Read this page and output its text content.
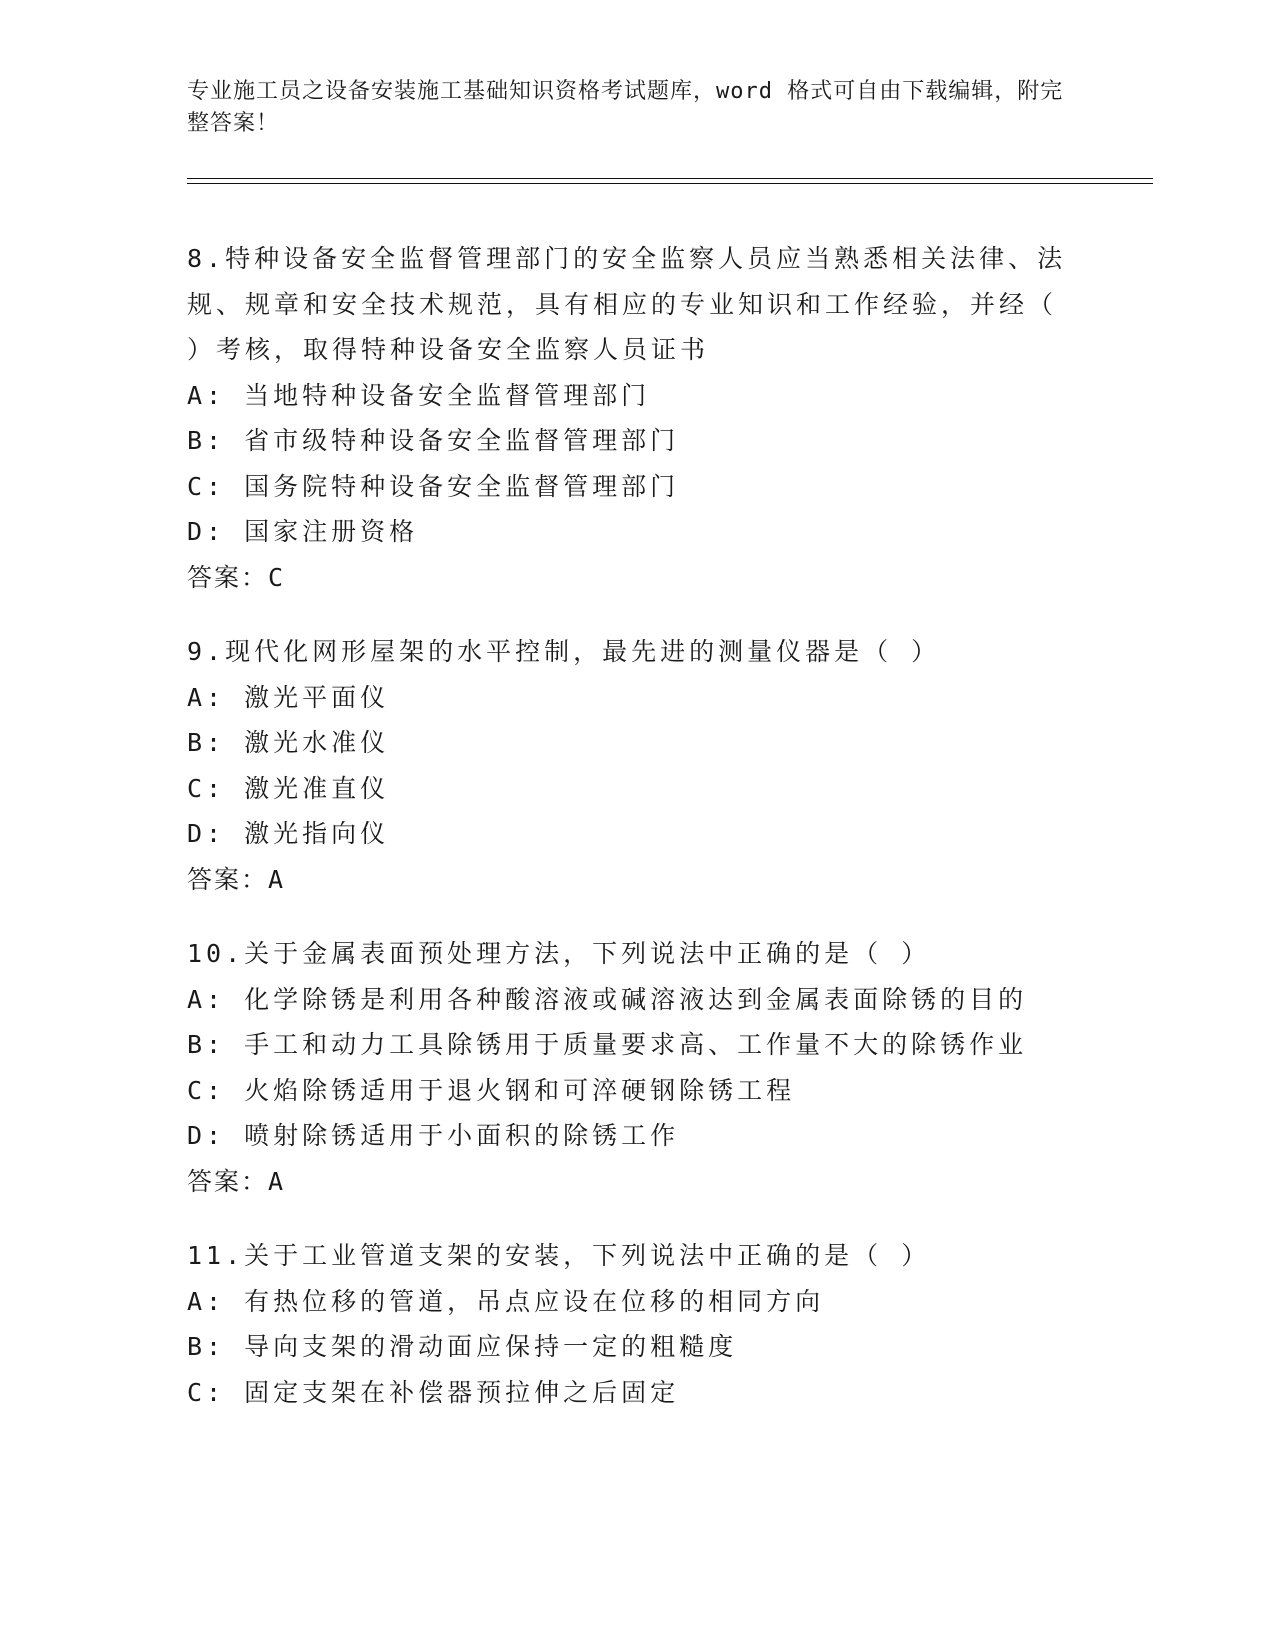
专业施工员之设备安装施工基础知识资格考试题库，word 格式可自由下载编辑，附完整答案！
8.特种设备安全监督管理部门的安全监察人员应当熟悉相关法律、法规、规章和安全技术规范，具有相应的专业知识和工作经验，并经（ ）考核，取得特种设备安全监察人员证书
A: 当地特种设备安全监督管理部门
B: 省市级特种设备安全监督管理部门
C: 国务院特种设备安全监督管理部门
D: 国家注册资格
答案：C
9.现代化网形屋架的水平控制，最先进的测量仪器是（ ）
A: 激光平面仪
B: 激光水准仪
C: 激光准直仪
D: 激光指向仪
答案：A
10.关于金属表面预处理方法，下列说法中正确的是（ ）
A: 化学除锈是利用各种酸溶液或碱溶液达到金属表面除锈的目的
B: 手工和动力工具除锈用于质量要求高、工作量不大的除锈作业
C: 火焰除锈适用于退火钢和可淬硬钢除锈工程
D: 喷射除锈适用于小面积的除锈工作
答案：A
11.关于工业管道支架的安装，下列说法中正确的是（ ）
A: 有热位移的管道，吊点应设在位移的相同方向
B: 导向支架的滑动面应保持一定的粗糙度
C: 固定支架在补偿器预拉伸之后固定
